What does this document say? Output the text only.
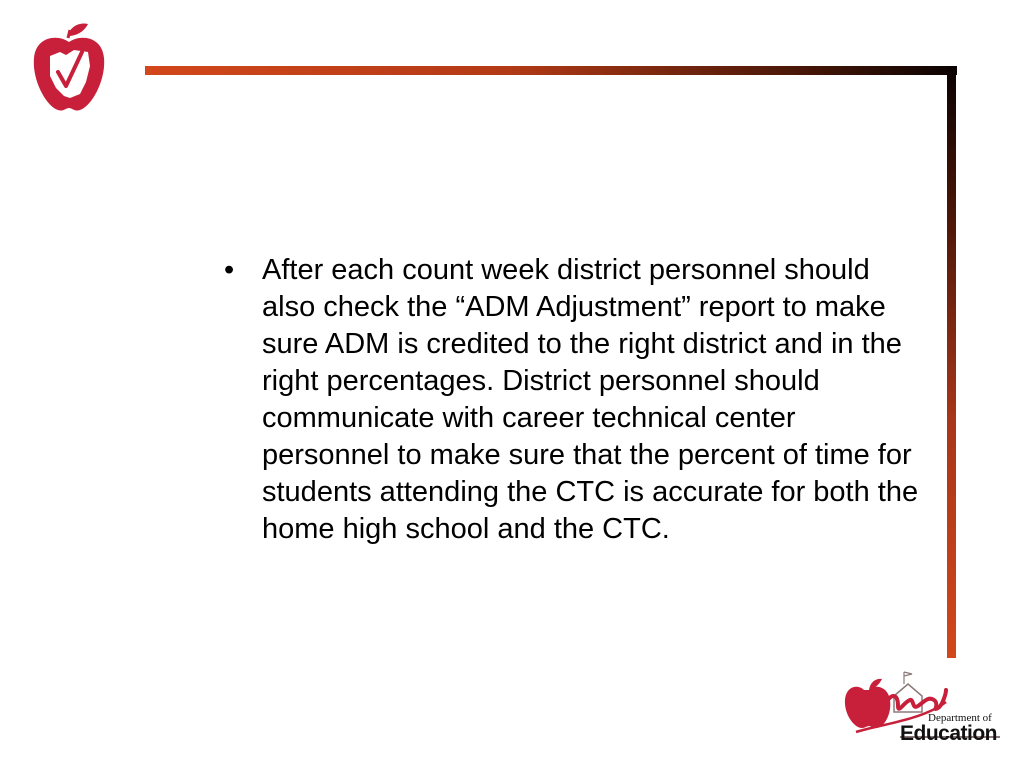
• After each count week district personnel should also check the “ADM Adjustment” report to make sure ADM is credited to the right district and in the right percentages. District personnel should communicate with career technical center personnel to make sure that the percent of time for students attending the CTC is accurate for both the home high school and the CTC.
Department of
Education
